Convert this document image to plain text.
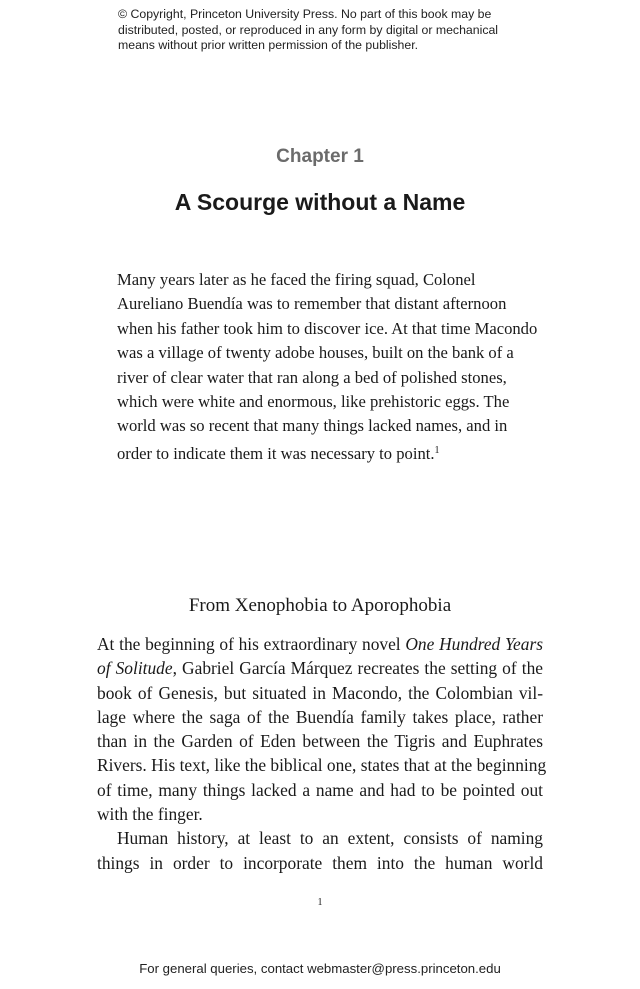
© Copyright, Princeton University Press. No part of this book may be
distributed, posted, or reproduced in any form by digital or mechanical
means without prior written permission of the publisher.
Chapter 1
A Scourge without a Name
Many years later as he faced the firing squad, Colonel
Aureliano Buendía was to remember that distant afternoon
when his father took him to discover ice. At that time Macondo
was a village of twenty adobe houses, built on the bank of a
river of clear water that ran along a bed of polished stones,
which were white and enormous, like prehistoric eggs. The
world was so recent that many things lacked names, and in
order to indicate them it was necessary to point.$^1$
From Xenophobia to Aporophobia
At the beginning of his extraordinary novel One Hundred Years
of Solitude, Gabriel García Márquez recreates the setting of the
book of Genesis, but situated in Macondo, the Colombian vil-
lage where the saga of the Buendía family takes place, rather
than in the Garden of Eden between the Tigris and Euphrates
Rivers. His text, like the biblical one, states that at the beginning
of time, many things lacked a name and had to be pointed out
with the finger.
Human history, at least to an extent, consists of naming
things in order to incorporate them into the human world
1
For general queries, contact webmaster@press.princeton.edu
